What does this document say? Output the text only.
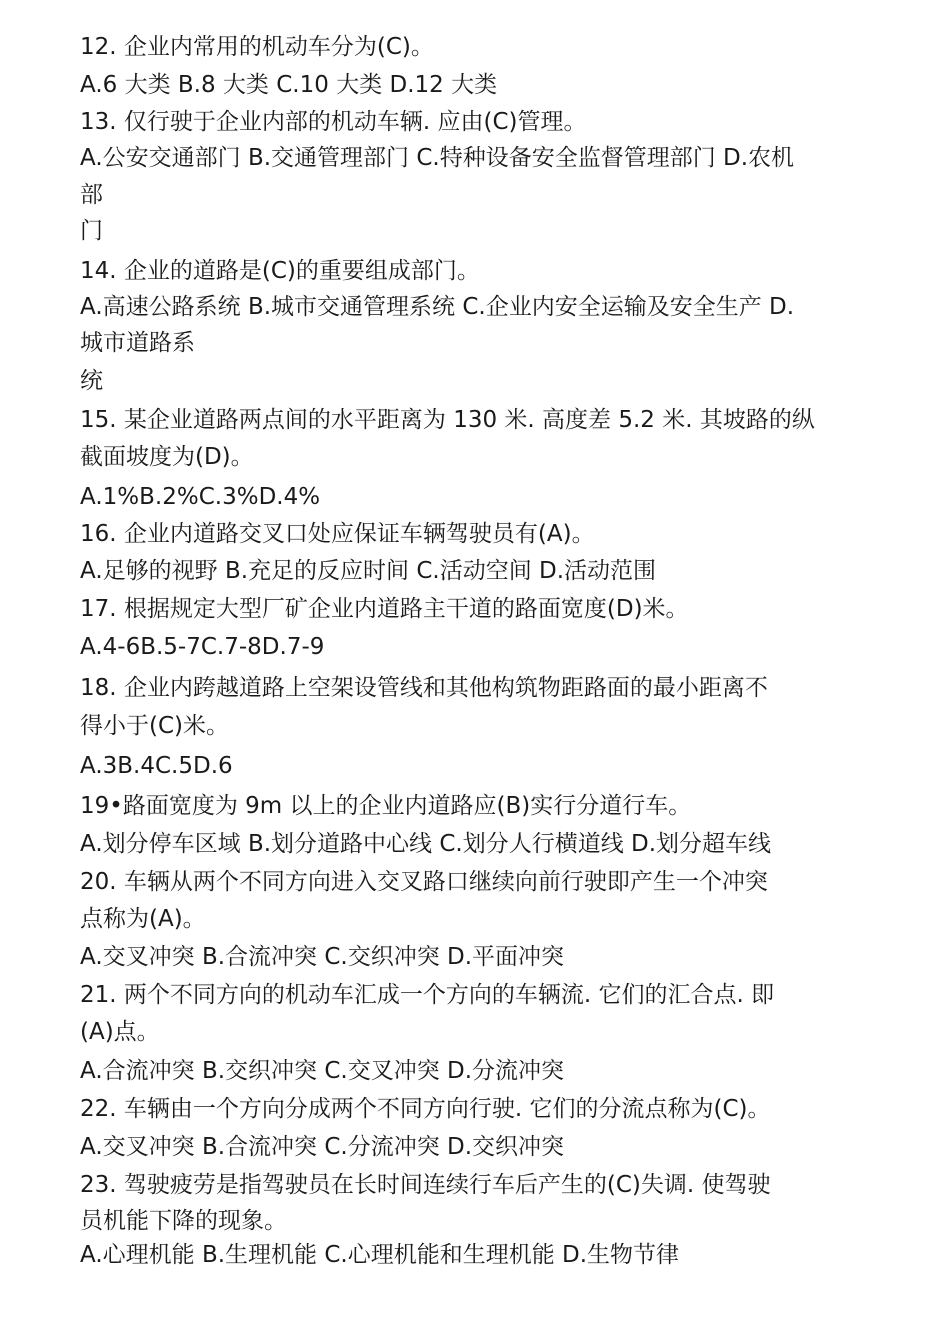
12. 企业内常用的机动车分为(C)。
A.6 大类 B.8 大类 C.10 大类 D.12 大类
13. 仅行驶于企业内部的机动车辆. 应由(C)管理。
A.公安交通部门 B.交通管理部门 C.特种设备安全监督管理部门 D.农机
部
门
14. 企业的道路是(C)的重要组成部门。
A.高速公路系统 B.城市交通管理系统 C.企业内安全运输及安全生产 D.
城市道路系
统
15. 某企业道路两点间的水平距离为 130 米. 高度差 5.2 米. 其坡路的纵
截面坡度为(D)。
A.1%B.2%C.3%D.4%
16. 企业内道路交叉口处应保证车辆驾驶员有(A)。
A.足够的视野 B.充足的反应时间 C.活动空间 D.活动范围
17. 根据规定大型厂矿企业内道路主干道的路面宽度(D)米。
A.4-6B.5-7C.7-8D.7-9
18. 企业内跨越道路上空架设管线和其他构筑物距路面的最小距离不
得小于(C)米。
A.3B.4C.5D.6
19•路面宽度为 9m 以上的企业内道路应(B)实行分道行车。
A.划分停车区域 B.划分道路中心线 C.划分人行横道线 D.划分超车线
20. 车辆从两个不同方向进入交叉路口继续向前行驶即产生一个冲突
点称为(A)。
A.交叉冲突 B.合流冲突 C.交织冲突 D.平面冲突
21. 两个不同方向的机动车汇成一个方向的车辆流. 它们的汇合点. 即
(A)点。
A.合流冲突 B.交织冲突 C.交叉冲突 D.分流冲突
22. 车辆由一个方向分成两个不同方向行驶. 它们的分流点称为(C)。
A.交叉冲突 B.合流冲突 C.分流冲突 D.交织冲突
23. 驾驶疲劳是指驾驶员在长时间连续行车后产生的(C)失调. 使驾驶
员机能下降的现象。
A.心理机能 B.生理机能 C.心理机能和生理机能 D.生物节律
